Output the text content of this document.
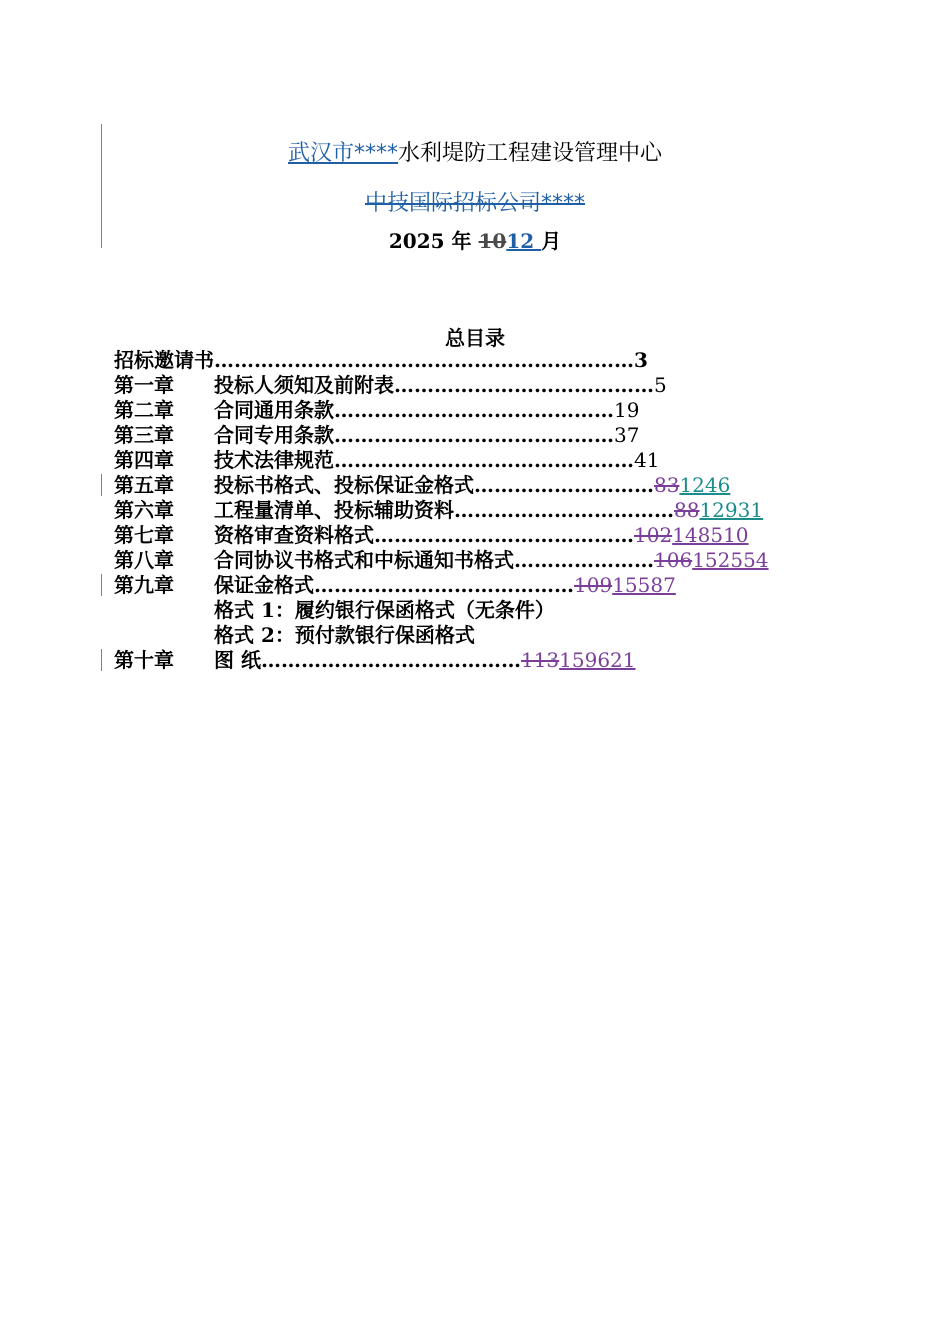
武汉市****水利堤防工程建设管理中心
中技国际招标公司****
2025 年 1012 月
总目录
招标邀请书………………………………………………………3
第一章 投标人须知及前附表…………………………………5
第二章 合同通用条款……………………………………19
第三章 合同专用条款……………………………………37
第四章 技术法律规范………………………………………41
第五章 投标书格式、投标保证金格式………………………831246
第六章 工程量清单、投标辅助资料……………………………8812931
第七章 资格审查资料格式…………………………………102148510
第八章 合同协议书格式和中标通知书格式…………………106152554
第九章 保证金格式…………………………………10915587
格式 1：履约银行保函格式（无条件）
格式 2：预付款银行保函格式
第十章图 纸…………………………………113159621
